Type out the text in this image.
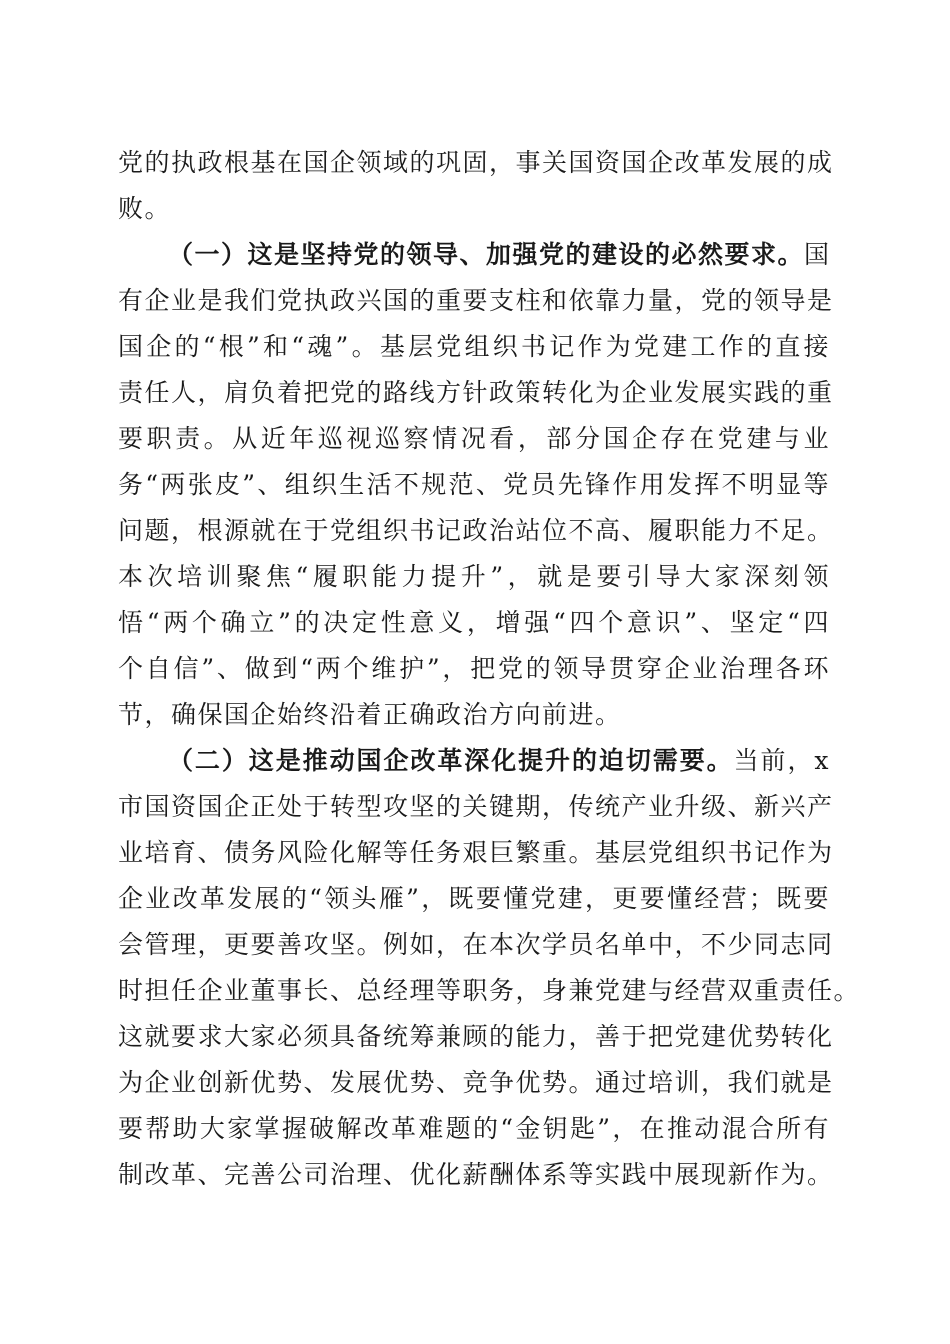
党的执政根基在国企领域的巩固，事关国资国企改革发展的成
败。
（一）这是坚持党的领导、加强党的建设的必然要求。国
有企业是我们党执政兴国的重要支柱和依靠力量，党的领导是
国企的“根”和“魂”。基层党组织书记作为党建工作的直接
责任人，肩负着把党的路线方针政策转化为企业发展实践的重
要职责。从近年巡视巡察情况看，部分国企存在党建与业
务“两张皮”、组织生活不规范、党员先锋作用发挥不明显等
问题，根源就在于党组织书记政治站位不高、履职能力不足。
本次培训聚焦“履职能力提升”，就是要引导大家深刻领
悟“两个确立”的决定性意义，增强“四个意识”、坚定“四
个自信”、做到“两个维护”，把党的领导贯穿企业治理各环
节，确保国企始终沿着正确政治方向前进。
（二）这是推动国企改革深化提升的迫切需要。当前，x
市国资国企正处于转型攻坚的关键期，传统产业升级、新兴产
业培育、债务风险化解等任务艰巨繁重。基层党组织书记作为
企业改革发展的“领头雁”，既要懂党建，更要懂经营；既要
会管理，更要善攻坚。例如，在本次学员名单中，不少同志同
时担任企业董事长、总经理等职务，身兼党建与经营双重责任。
这就要求大家必须具备统筹兼顾的能力，善于把党建优势转化
为企业创新优势、发展优势、竞争优势。通过培训，我们就是
要帮助大家掌握破解改革难题的“金钥匙”，在推动混合所有
制改革、完善公司治理、优化薪酬体系等实践中展现新作为。
